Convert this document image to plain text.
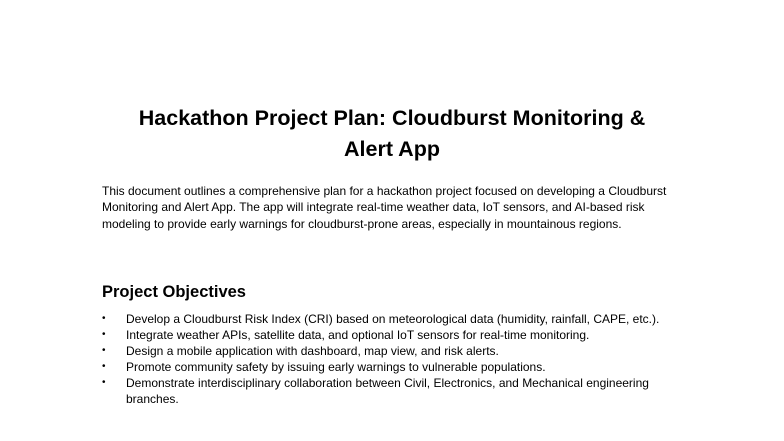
Hackathon Project Plan: Cloudburst Monitoring &
Alert App

This document outlines a comprehensive plan for a hackathon project focused on developing a Cloudburst Monitoring and Alert App. The app will integrate real-time weather data, IoT sensors, and AI-based risk modeling to provide early warnings for cloudburst-prone areas, especially in mountainous regions.

Project Objectives
•	Develop a Cloudburst Risk Index (CRI) based on meteorological data (humidity, rainfall, CAPE, etc.).
•	Integrate weather APIs, satellite data, and optional IoT sensors for real-time monitoring.
•	Design a mobile application with dashboard, map view, and risk alerts.
•	Promote community safety by issuing early warnings to vulnerable populations.
•	Demonstrate interdisciplinary collaboration between Civil, Electronics, and Mechanical engineering branches.
